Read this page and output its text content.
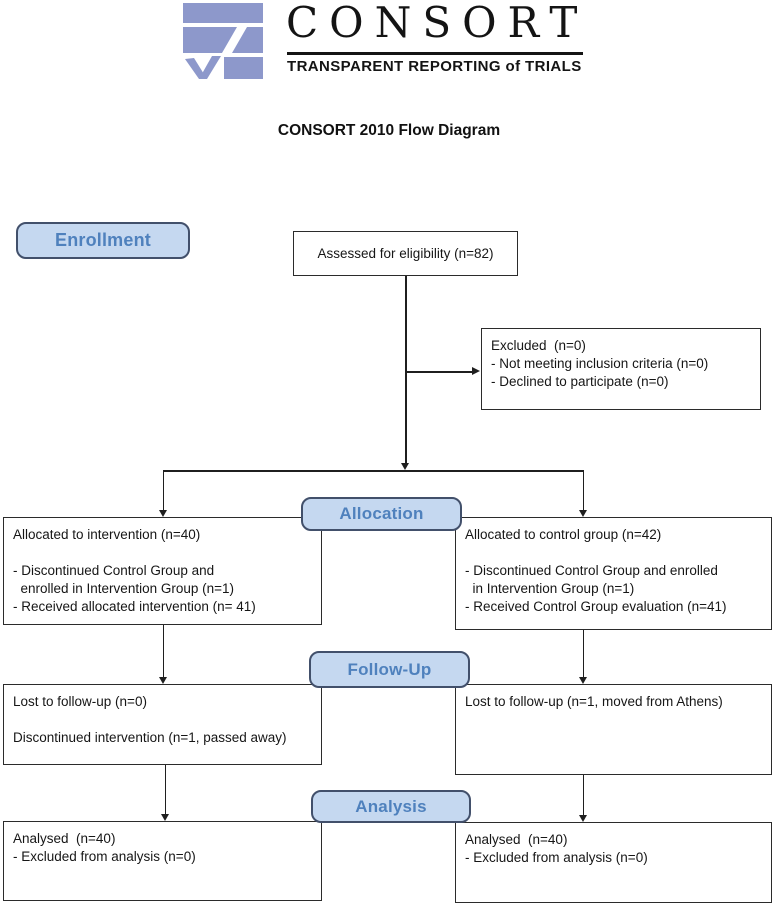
CONSORT
TRANSPARENT REPORTING of TRIALS
CONSORT 2010 Flow Diagram
Enrollment
Allocation
Follow-Up
Analysis
Assessed for eligibility (n=82)
Excluded  (n=0)
- Not meeting inclusion criteria (n=0)
- Declined to participate (n=0)
Allocated to intervention (n=40)
- Discontinued Control Group and
enrolled in Intervention Group (n=1)
- Received allocated intervention (n= 41)
Allocated to control group (n=42)
- Discontinued Control Group and enrolled
in Intervention Group (n=1)
- Received Control Group evaluation (n=41)
Lost to follow-up (n=0)
Discontinued intervention (n=1, passed away)
Lost to follow-up (n=1, moved from Athens)
Analysed  (n=40)
- Excluded from analysis (n=0)
Analysed  (n=40)
- Excluded from analysis (n=0)
